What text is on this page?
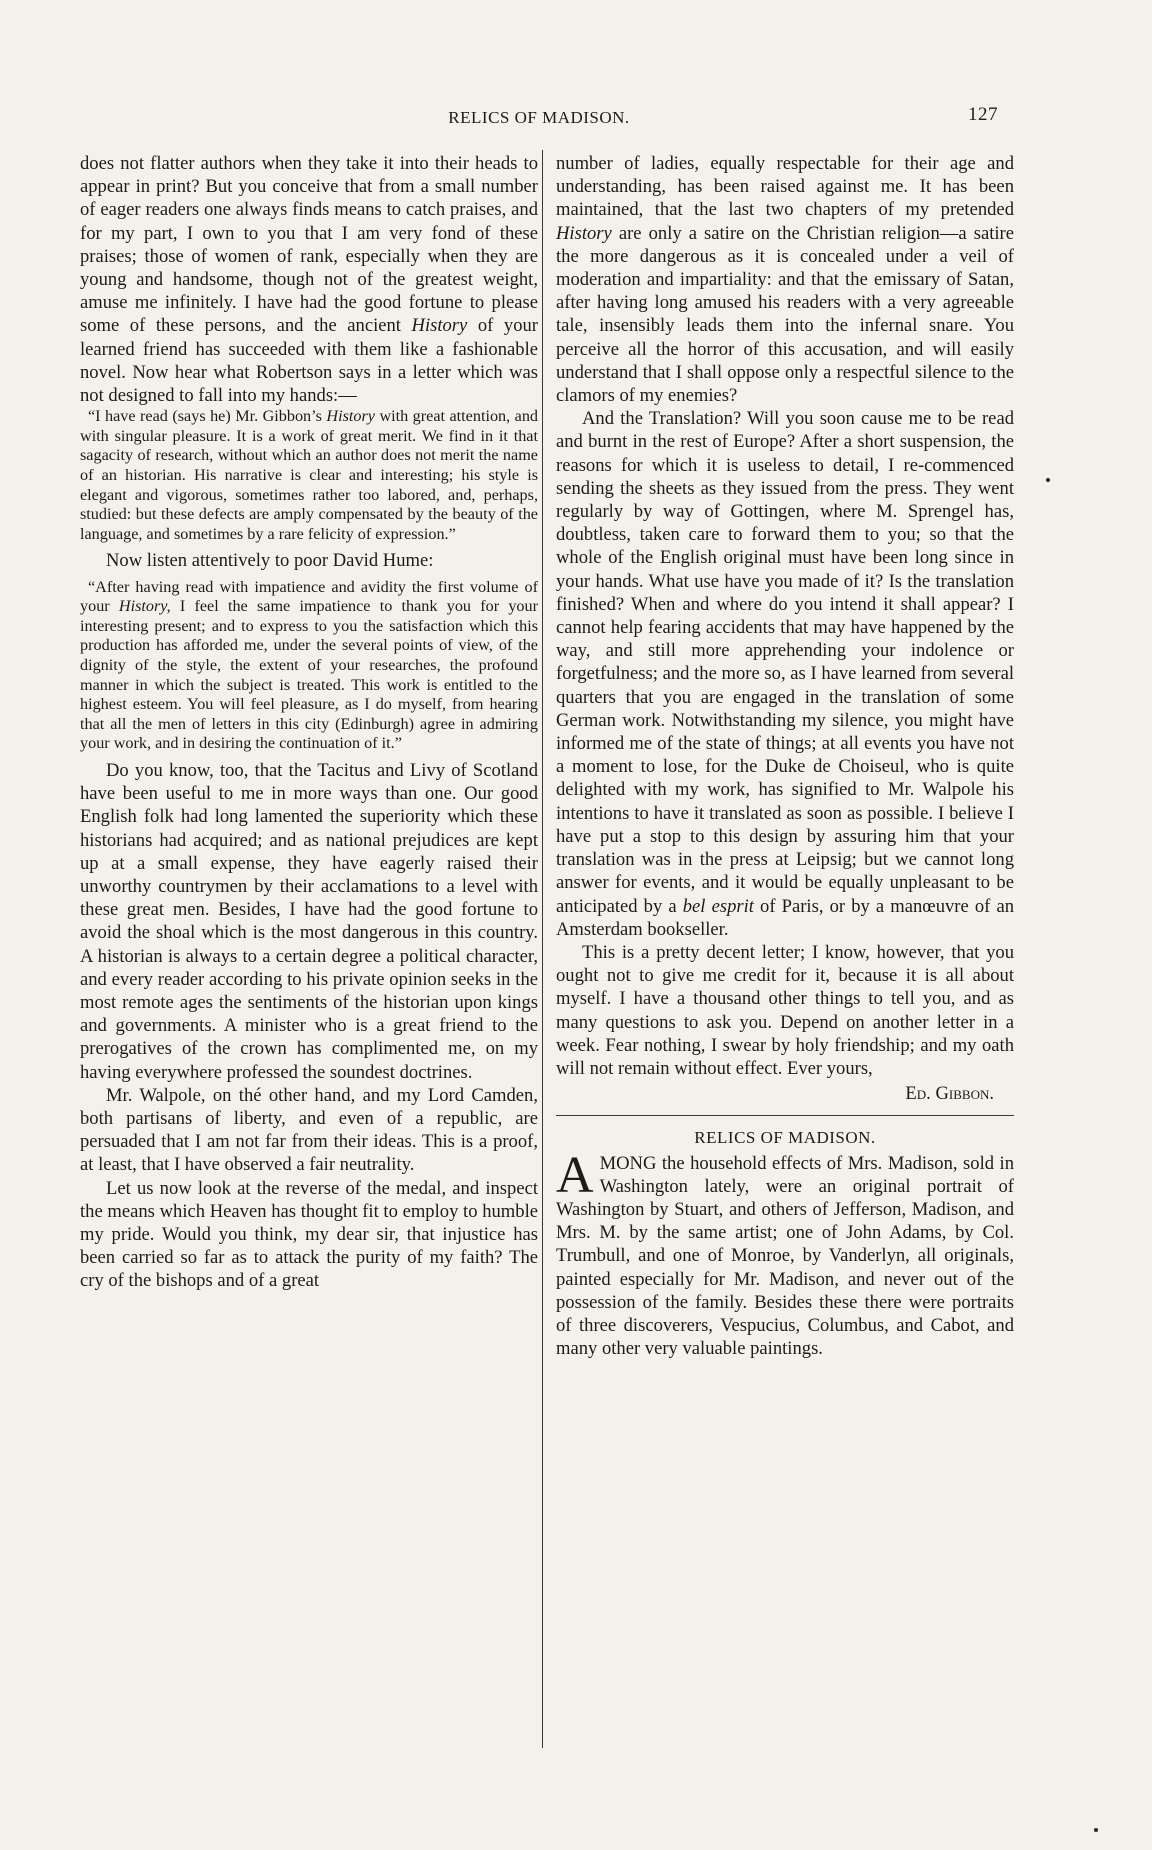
RELICS OF MADISON.	127

does not flatter authors when they take it into their heads to appear in print? But you conceive that from a small number of eager readers one always finds means to catch praises, and for my part, I own to you that I am very fond of these praises; those of women of rank, especially when they are young and handsome, though not of the greatest weight, amuse me infinitely. I have had the good fortune to please some of these persons, and the ancient History of your learned friend has succeeded with them like a fashionable novel. Now hear what Robertson says in a letter which was not designed to fall into my hands:—

“I have read (says he) Mr. Gibbon’s History with great attention, and with singular pleasure. It is a work of great merit. We find in it that sagacity of research, without which an author does not merit the name of an historian. His narrative is clear and interesting; his style is elegant and vigorous, sometimes rather too labored, and, perhaps, studied: but these defects are amply compensated by the beauty of the language, and sometimes by a rare felicity of expression.”

Now listen attentively to poor David Hume:

“After having read with impatience and avidity the first volume of your History, I feel the same impatience to thank you for your interesting present; and to express to you the satisfaction which this production has afforded me, under the several points of view, of the dignity of the style, the extent of your researches, the profound manner in which the subject is treated. This work is entitled to the highest esteem. You will feel pleasure, as I do myself, from hearing that all the men of letters in this city (Edinburgh) agree in admiring your work, and in desiring the continuation of it.”

Do you know, too, that the Tacitus and Livy of Scotland have been useful to me in more ways than one. Our good English folk had long lamented the superiority which these historians had acquired; and as national prejudices are kept up at a small expense, they have eagerly raised their unworthy countrymen by their acclamations to a level with these great men. Besides, I have had the good fortune to avoid the shoal which is the most dangerous in this country. A historian is always to a certain degree a political character, and every reader according to his private opinion seeks in the most remote ages the sentiments of the historian upon kings and governments. A minister who is a great friend to the prerogatives of the crown has complimented me, on my having everywhere professed the soundest doctrines.

Mr. Walpole, on thé other hand, and my Lord Camden, both partisans of liberty, and even of a republic, are persuaded that I am not far from their ideas. This is a proof, at least, that I have observed a fair neutrality.

Let us now look at the reverse of the medal, and inspect the means which Heaven has thought fit to employ to humble my pride. Would you think, my dear sir, that injustice has been carried so far as to attack the purity of my faith? The cry of the bishops and of a great

number of ladies, equally respectable for their age and understanding, has been raised against me. It has been maintained, that the last two chapters of my pretended History are only a satire on the Christian religion—a satire the more dangerous as it is concealed under a veil of moderation and impartiality: and that the emissary of Satan, after having long amused his readers with a very agreeable tale, insensibly leads them into the infernal snare. You perceive all the horror of this accusation, and will easily understand that I shall oppose only a respectful silence to the clamors of my enemies?

And the Translation? Will you soon cause me to be read and burnt in the rest of Europe? After a short suspension, the reasons for which it is useless to detail, I re-commenced sending the sheets as they issued from the press. They went regularly by way of Gottingen, where M. Sprengel has, doubtless, taken care to forward them to you; so that the whole of the English original must have been long since in your hands. What use have you made of it? Is the translation finished? When and where do you intend it shall appear? I cannot help fearing accidents that may have happened by the way, and still more apprehending your indolence or forgetfulness; and the more so, as I have learned from several quarters that you are engaged in the translation of some German work. Notwithstanding my silence, you might have informed me of the state of things; at all events you have not a moment to lose, for the Duke de Choiseul, who is quite delighted with my work, has signified to Mr. Walpole his intentions to have it translated as soon as possible. I believe I have put a stop to this design by assuring him that your translation was in the press at Leipsig; but we cannot long answer for events, and it would be equally unpleasant to be anticipated by a bel esprit of Paris, or by a manœuvre of an Amsterdam bookseller.

This is a pretty decent letter; I know, however, that you ought not to give me credit for it, because it is all about myself. I have a thousand other things to tell you, and as many questions to ask you. Depend on another letter in a week. Fear nothing, I swear by holy friendship; and my oath will not remain without effect. Ever yours,

Ed. Gibbon.
RELICS OF MADISON.

AMONG the household effects of Mrs. Madison, sold in Washington lately, were an original portrait of Washington by Stuart, and others of Jefferson, Madison, and Mrs. M. by the same artist; one of John Adams, by Col. Trumbull, and one of Monroe, by Vanderlyn, all originals, painted especially for Mr. Madison, and never out of the possession of the family. Besides these there were portraits of three discoverers, Vespucius, Columbus, and Cabot, and many other very valuable paintings.
